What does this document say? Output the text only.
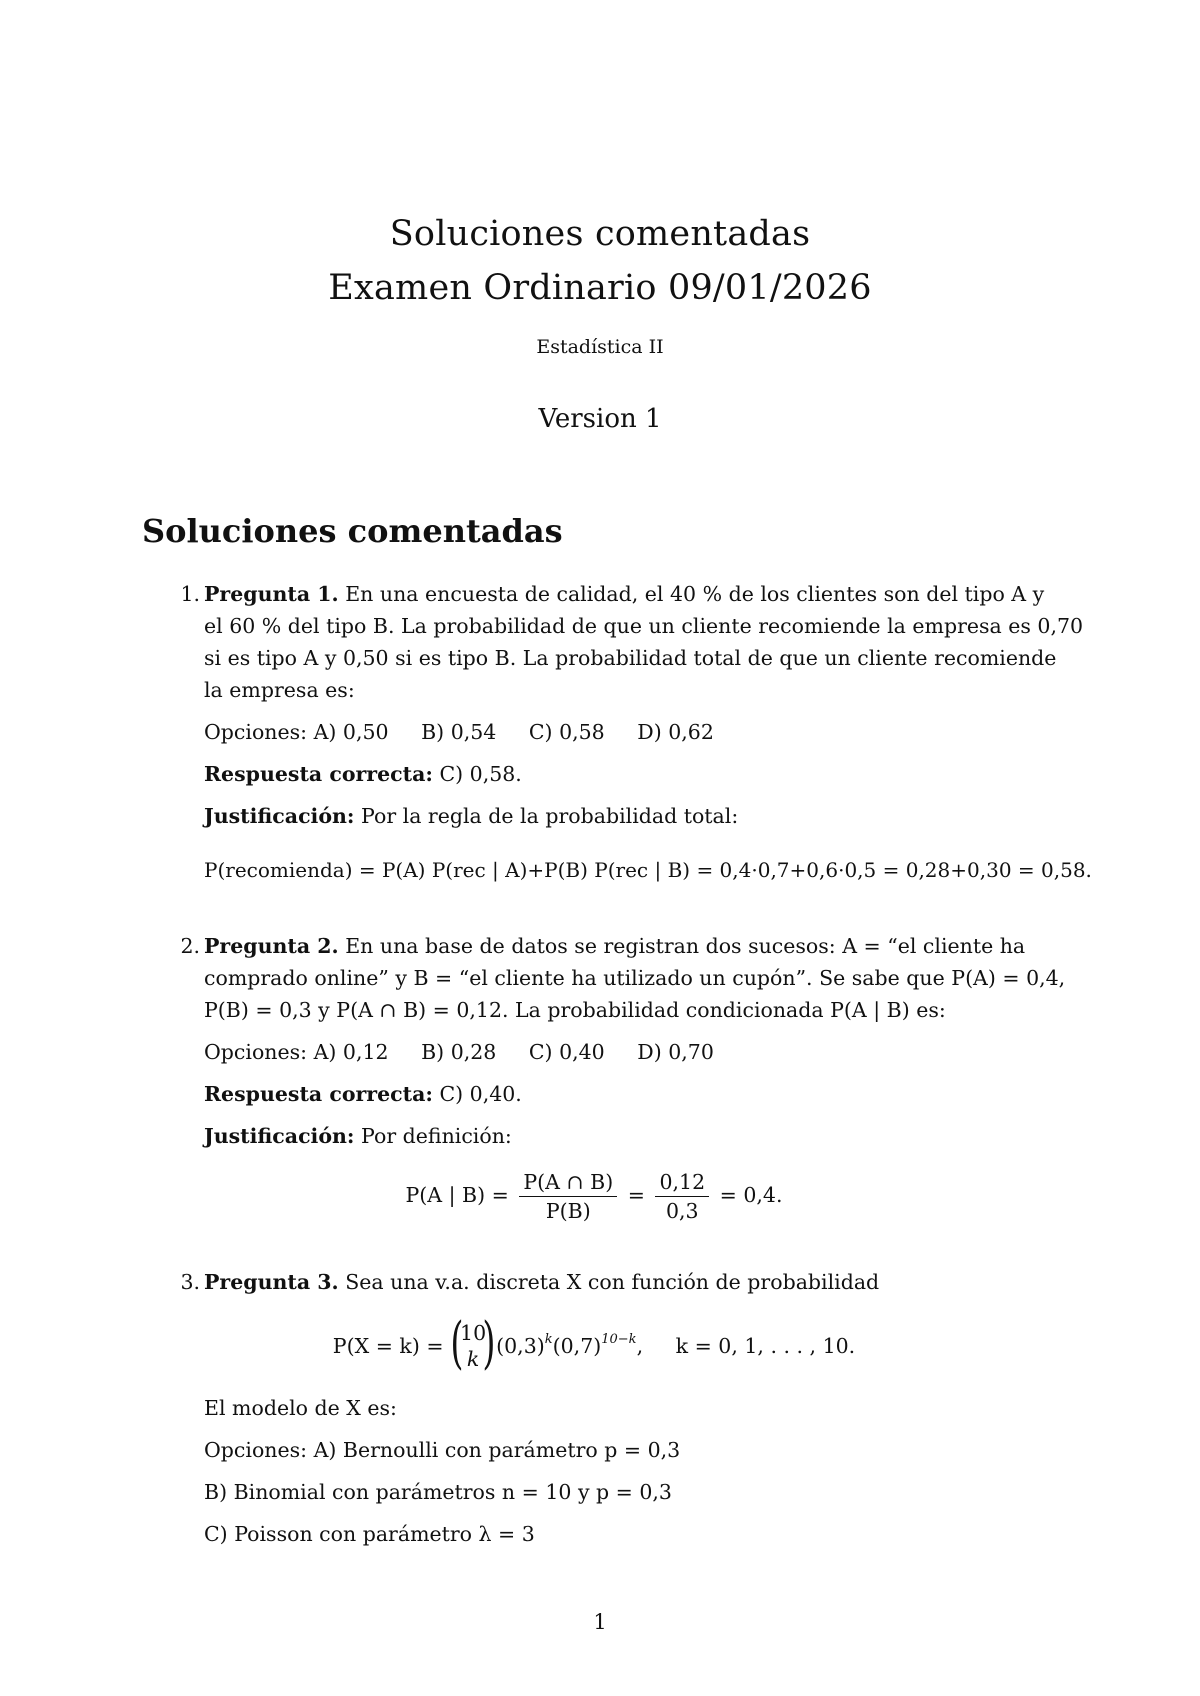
Soluciones comentadas
Examen Ordinario 09/01/2026
Estadística II
Version 1
Soluciones comentadas
1. Pregunta 1. En una encuesta de calidad, el 40 % de los clientes son del tipo A y
el 60 % del tipo B. La probabilidad de que un cliente recomiende la empresa es 0,70
si es tipo A y 0,50 si es tipo B. La probabilidad total de que un cliente recomiende
la empresa es:
Opciones: A) 0,50 B) 0,54 C) 0,58 D) 0,62
Respuesta correcta: C) 0,58.
Justificación: Por la regla de la probabilidad total:
P(recomienda) = P(A) P(rec | A)+P(B) P(rec | B) = 0,4·0,7+0,6·0,5 = 0,28+0,30 = 0,58.
2. Pregunta 2. En una base de datos se registran dos sucesos: A = “el cliente ha
comprado online” y B = “el cliente ha utilizado un cupón”. Se sabe que P(A) = 0,4,
P(B) = 0,3 y P(A ∩ B) = 0,12. La probabilidad condicionada P(A | B) es:
Opciones: A) 0,12 B) 0,28 C) 0,40 D) 0,70
Respuesta correcta: C) 0,40.
Justificación: Por definición:
P(A | $B) = \frac{P(A \cap B)}{P(B)} = \frac{0,12}{0,3} = 0,4$.
3. Pregunta 3. Sea una v.a. discreta X con función de probabilidad
P(X = k) = (
10
k ) $(0,3)^k(0,7)^{10-k}$,     k = 0, 1, . . . , 10.
El modelo de X es:
Opciones: A) Bernoulli con parámetro p = 0,3
B) Binomial con parámetros n = 10 y p = 0,3
C) Poisson con parámetro λ = 3
1
